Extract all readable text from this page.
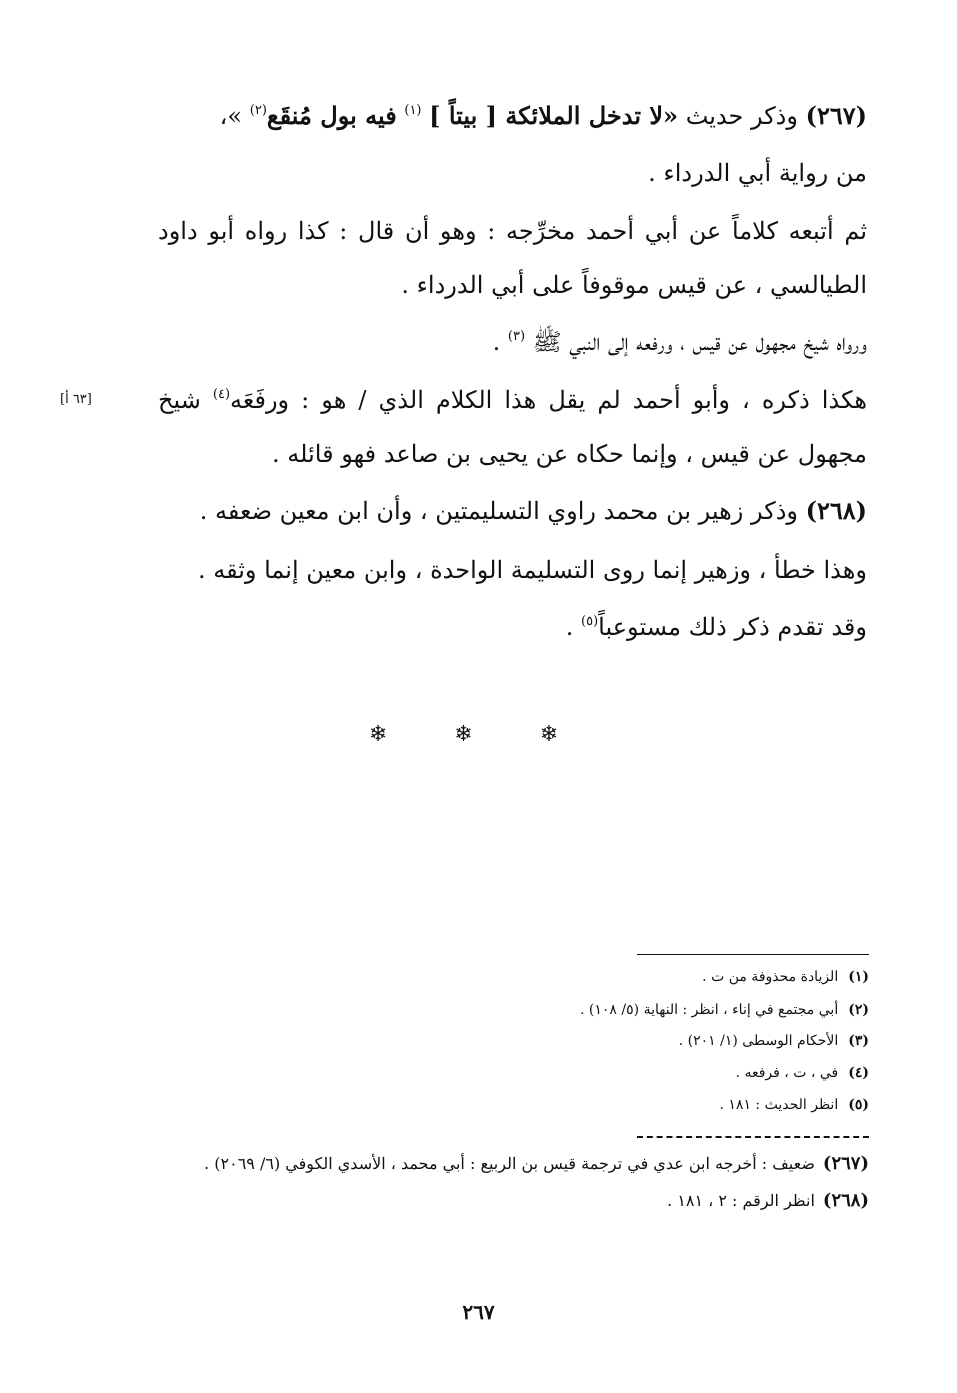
(٢٦٧) وذكر حديث «لا تدخل الملائكة [ بيتاً ] $^{(١)}$ فيه بول مُنقَع$^{(٢)}$ »،
من رواية أبي الدرداء .
ثم أتبعه كلاماً عن أبي أحمد مخرِّجه : وهو أن قال : كذا رواه أبو داود
الطيالسي ، عن قيس موقوفاً على أبي الدرداء .
ورواه شيخ مجهول عن قيس ، ورفعه إلى النبي ﷺ $^{(٣)}$ .
هكذا ذكره ، وأبو أحمد لم يقل هذا الكلام الذي / هو : ورفَعَه$^{(٤)}$ شيخ
[٦٣ أ]
مجهول عن قيس ، وإنما حكاه عن يحيى بن صاعد فهو قائله .
(٢٦٨) وذكر زهير بن محمد راوي التسليمتين ، وأن ابن معين ضعفه .
وهذا خطأ ، وزهير إنما روى التسليمة الواحدة ، وابن معين إنما وثقه .
وقد تقدم ذكر ذلك مستوعباً$^{(٥)}$ .
❄ ❄ ❄
(١)الزيادة محذوفة من ت .
(٢)أبي مجتمع في إناء ، انظر : النهاية (٥/ ١٠٨) .
(٣)الأحكام الوسطى (١/ ٢٠١) .
(٤)في ، ت ، فرفعه .
(٥)انظر الحديث : ١٨١ .
(٢٦٧)ضعيف : أخرجه ابن عدي في ترجمة قيس بن الربيع : أبي محمد ، الأسدي الكوفي (٦/ ٢٠٦٩) .
(٢٦٨)انظر الرقم : ٢ ، ١٨١ .
٢٦٧
